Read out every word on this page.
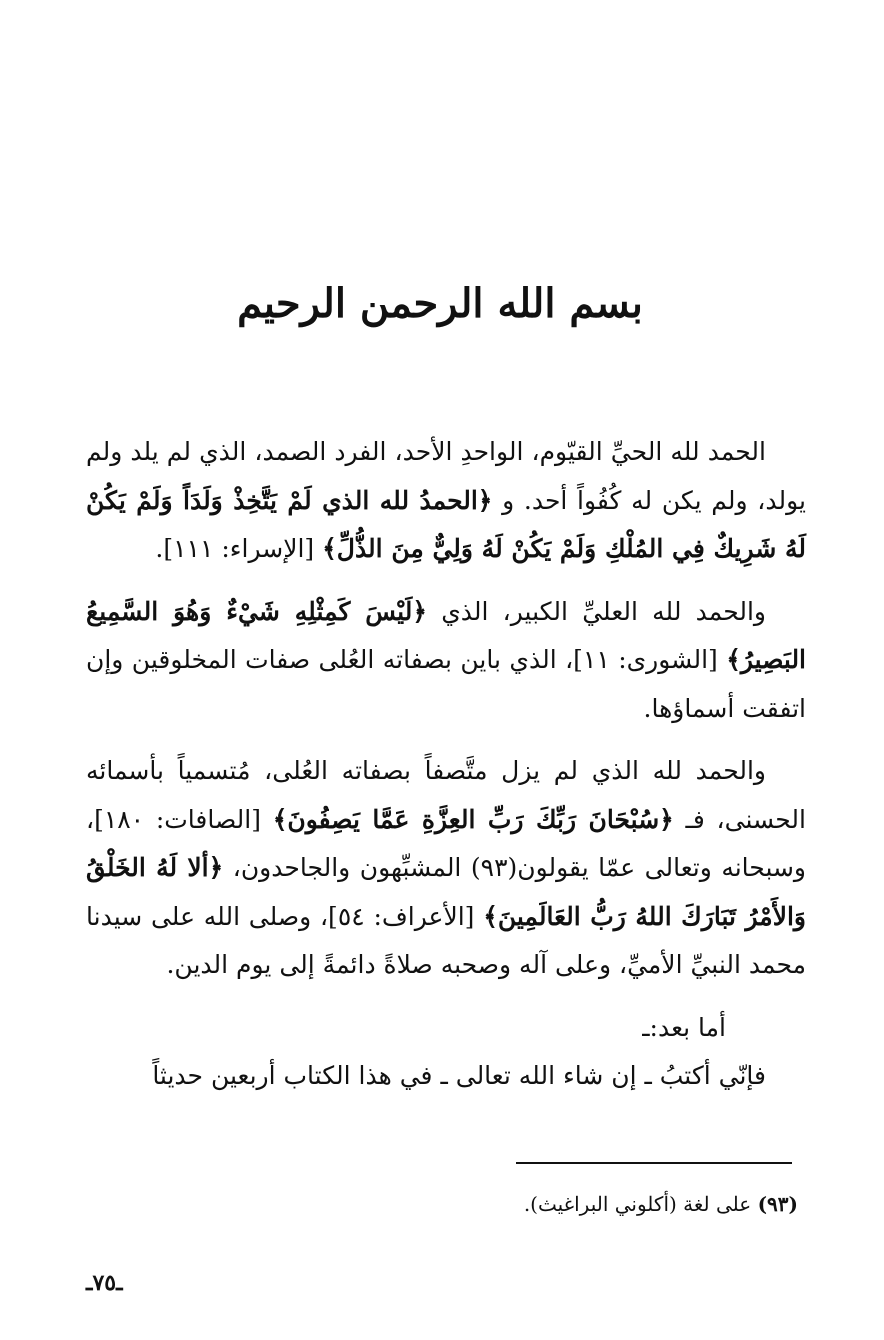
بسم الله الرحمن الرحيم

الحمد لله الحيِّ القيّوم، الواحدِ الأحد، الفرد الصمد، الذي لم يلد ولم يولد، ولم يكن له كُفُواً أحد. و ﴿الحمدُ لله الذي لَمْ يَتَّخِذْ وَلَدَاً وَلَمْ يَكُنْ لَهُ شَرِيكٌ فِي المُلْكِ وَلَمْ يَكُنْ لَهُ وَلِيٌّ مِنَ الذُّلِّ﴾ [الإسراء: ١١١].

والحمد لله العليِّ الكبير، الذي ﴿لَيْسَ كَمِثْلِهِ شَيْءٌ وَهُوَ السَّمِيعُ البَصِيرُ﴾ [الشورى: ١١]، الذي باين بصفاته العُلى صفات المخلوقين وإن اتفقت أسماؤها.

والحمد لله الذي لم يزل متَّصفاً بصفاته العُلى، مُتسمياً بأسمائه الحسنى، فـ ﴿سُبْحَانَ رَبِّكَ رَبِّ العِزَّةِ عَمَّا يَصِفُونَ﴾ [الصافات: ١٨٠]، وسبحانه وتعالى عمّا يقولون(٩٣) المشبِّهون والجاحدون، ﴿ألا لَهُ الخَلْقُ وَالأَمْرُ تَبَارَكَ اللهُ رَبُّ العَالَمِينَ﴾ [الأعراف: ٥٤]، وصلى الله على سيدنا محمد النبيِّ الأميِّ، وعلى آله وصحبه صلاةً دائمةً إلى يوم الدين.

أما بعد:ـ

فإنّي أكتبُ ـ إن شاء الله تعالى ـ في هذا الكتاب أربعين حديثاً

(٩٣) على لغة (أكلوني البراغيث).
ـ٧٥ـ
